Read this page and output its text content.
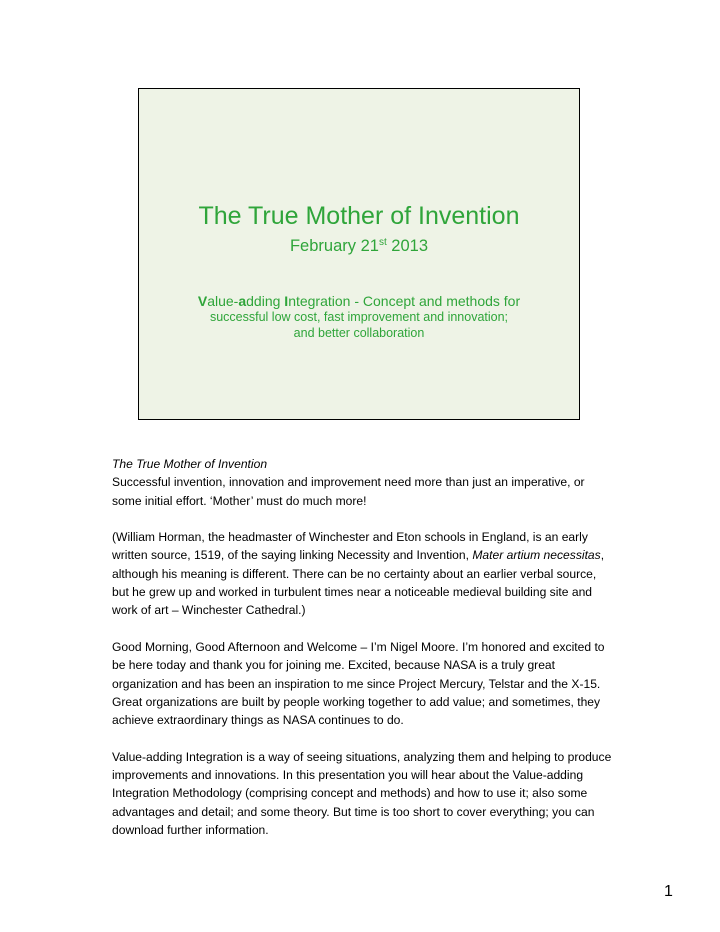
The True Mother of Invention
February 21st 2013
Value-adding Integration - Concept and methods for
successful low cost, fast improvement and innovation;
and better collaboration

The True Mother of Invention
Successful invention, innovation and improvement need more than just an imperative, or some initial effort. ‘Mother’ must do much more!

(William Horman, the headmaster of Winchester and Eton schools in England, is an early written source, 1519, of the saying linking Necessity and Invention, Mater artium necessitas, although his meaning is different. There can be no certainty about an earlier verbal source, but he grew up and worked in turbulent times near a noticeable medieval building site and work of art – Winchester Cathedral.)

Good Morning, Good Afternoon and Welcome – I’m Nigel Moore. I’m honored and excited to be here today and thank you for joining me. Excited, because NASA is a truly great organization and has been an inspiration to me since Project Mercury, Telstar and the X-15. Great organizations are built by people working together to add value; and sometimes, they achieve extraordinary things as NASA continues to do.

Value-adding Integration is a way of seeing situations, analyzing them and helping to produce improvements and innovations. In this presentation you will hear about the Value-adding Integration Methodology (comprising concept and methods) and how to use it; also some advantages and detail; and some theory. But time is too short to cover everything; you can download further information.

1
